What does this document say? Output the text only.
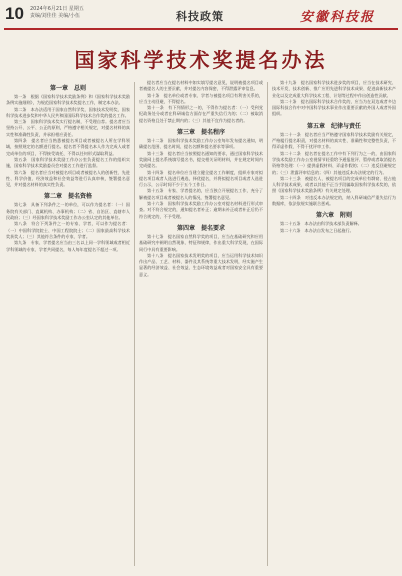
10 2024年6月21日 星期五
责编/刘佳佳 美编/小伍	科技政策	安徽科技报
国家科学技术奖提名办法
第一章　总则

第一条　根据《国家科学技术奖励条例》和《国家科学技术奖励条例实施细则》，为规范国家科学技术奖提名工作，制定本办法。

第二条　本办法适用于国家自然科学奖、国家技术发明奖、国家科学技术进步奖和中华人民共和国国际科学技术合作奖的提名工作。

第三条　国家科学技术奖实行提名制，不受理自荐。提名者应当坚持公开、公平、公正的原则，严格遵守相关规定，对提名材料的真实性和准确性负责，并承担相应责任。

第四条　提名者应当熟悉被提名项目或者被提名人所在学科领域，按照规定的名额进行提名。提名者不得提名本人作为完成人或者完成单位的项目，不得接受请托、不得以任何形式谋取利益。

第五条　国家科学技术奖励工作办公室负责提名工作的组织实施，国家科学技术奖励委员会对提名工作进行监督。

第六条　提名者应当对被提名项目或者被提名人的创新性、先进性、科学价值、经济效益和社会效益等进行认真审核，签署提名意见，并对提名材料的真实性负责。

第二章　提名资格

第七条　具备下列条件之一的单位，可以作为提名者：（一）国务院有关部门、直属机构、办事机构；（二）省、自治区、直辖市人民政府；（三）经国家科学技术奖励工作办公室认定的其他单位。

第八条　符合下列条件之一的专家、学者，可以作为提名者：（一）中国科学院院士、中国工程院院士；（二）国家最高科学技术奖获奖人；（三）其他符合条件的专家、学者。

第九条　专家、学者提名应当由三名以上同一学科领域或者相近学科领域的专家、学者共同提名，每人每年度提名不超过一项。

提名者应当在提名材料中如实填写提名意见，说明被提名项目或者被提名人的主要贡献，并对提名内容保密，不得泄露评审信息。

第十条　提名单位或者专家、学者与被提名项目有利害关系的，应当主动回避，不得提名。

第十一条　有下列情形之一的，不得作为提名者：（一）受到党纪政务处分或者在科研诚信方面存在严重失信行为的；（二）被取消提名资格且处于禁止期内的；（三）其他不宜作为提名者的。

第三章　提名程序

第十二条　国家科学技术奖励工作办公室每年发布提名通知，明确提名范围、提名时间、提名名额和提名要求等事项。

第十三条　提名者应当按照提名通知的要求，通过国家科学技术奖励网上提名系统填写提名书，提交相关证明材料，并在规定时间内完成提名。

第十四条　提名单位应当建立健全提名工作制度，组织专家对拟提名项目或者人选进行遴选，择优提名，并将拟提名项目或者人选进行公示，公示时间不少于五个工作日。

第十五条　专家、学者提名的，应当独立开展提名工作，充分了解被提名项目或者被提名人的情况，签署提名意见。

第十六条　国家科学技术奖励工作办公室对提名材料进行形式审查。对不符合规定的，通知提名者补正；逾期未补正或者补正后仍不符合规定的，不予受理。

第四章　提名要求

第十七条　提名国家自然科学奖的项目，应当在基础研究和应用基础研究中阐明自然现象、特征和规律，作出重大科学发现，在国际同行中具有重要影响。

第十八条　提名国家技术发明奖的项目，应当运用科学技术知识作出产品、工艺、材料、器件及其系统等重大技术发明，经实施产生显著的经济效益、社会效益、生态环境效益或者对国家安全具有重要意义。

第十九条　提名国家科学技术进步奖的项目，应当在技术研究、技术开发、技术创新、推广应用先进科学技术成果、促进高新技术产业化以及完成重大科学技术工程、计划等过程中作出创造性贡献。

第二十条　提名国际科学技术合作奖的，应当为在双边或者多边国际科技合作中对中国科学技术事业作出重要贡献的外国人或者外国组织。

第五章　纪律与责任

第二十一条　提名者应当严格遵守国家科学技术奖励有关规定，严格履行提名职责，对提名材料的真实性、准确性和完整性负责，不得弄虚作假、不得干扰评审工作。

第二十二条　提名者在提名工作中有下列行为之一的，由国家科学技术奖励工作办公室视情节轻重给予通报批评、暂停或者取消提名资格等处理：（一）提供虚假材料、弄虚作假的；（二）违反回避规定的；（三）泄露评审信息的；（四）其他违反本办法规定的行为。

第二十三条　被提名人、被提名项目的完成单位有剽窃、侵占他人科学技术成果，或者以其他不正当手段骗取国家科学技术奖的，依照《国家科学技术奖励条例》有关规定处理。

第二十四条　对违反本办法规定的，纳入科研诚信严重失信行为数据库，依法依规实施联合惩戒。

第六章　附则

第二十五条　本办法由科学技术部负责解释。

第二十六条　本办法自发布之日起施行。
